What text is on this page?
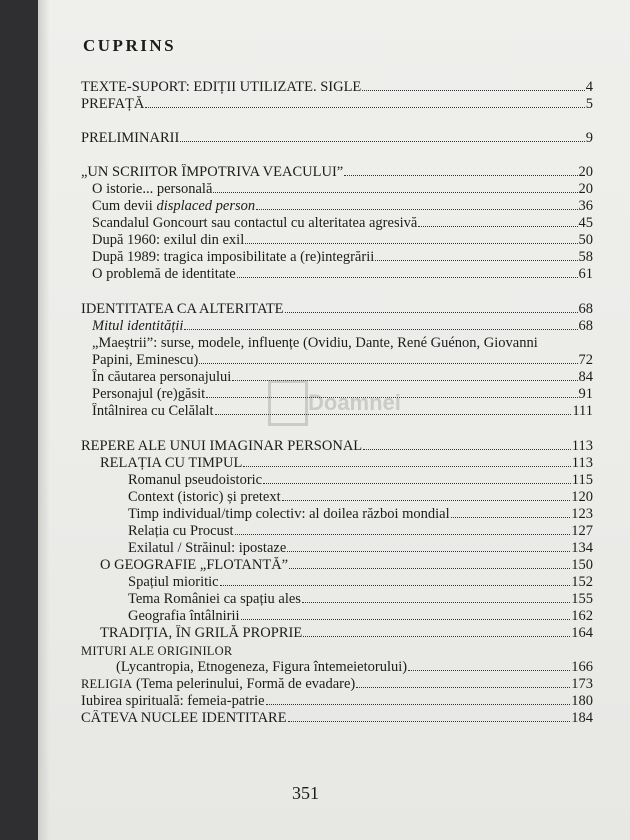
CUPRINS
TEXTE-SUPORT: EDIȚII UTILIZATE. SIGLE	4
PREFAȚĂ	5
PRELIMINARII	9
„UN SCRIITOR ÎMPOTRIVA VEACULUI”	20
O istorie... personală	20
Cum devii displaced person	36
Scandalul Goncourt sau contactul cu alteritatea agresivă	45
După 1960: exilul din exil	50
După 1989: tragica imposibilitate a (re)integrării	58
O problemă de identitate	61
IDENTITATEA CA ALTERITATE	68
Mitul identității	68
„Maeștrii”: surse, modele, influențe (Ovidiu, Dante, René Guénon, Giovanni
Papini, Eminescu)	72
În căutarea personajului	84
Personajul (re)găsit	91
Întâlnirea cu Celălalt	111
REPERE ALE UNUI IMAGINAR PERSONAL	113
RELAȚIA CU TIMPUL	113
Romanul pseudoistoric	115
Context (istoric) și pretext	120
Timp individual/timp colectiv: al doilea război mondial	123
Relația cu Procust	127
Exilatul / Străinul: ipostaze	134
O GEOGRAFIE „FLOTANTĂ”	150
Spațiul mioritic	152
Tema României ca spațiu ales	155
Geografia întâlnirii	162
TRADIȚIA, ÎN GRILĂ PROPRIE	164
MITURI ALE ORIGINILOR
(Lycantropia, Etnogeneza, Figura întemeietorului)	166
RELIGIA (Tema pelerinului, Formă de evadare)	173
Iubirea spirituală: femeia-patrie	180
CÂTEVA NUCLEE IDENTITARE	184
Doamnei
351
